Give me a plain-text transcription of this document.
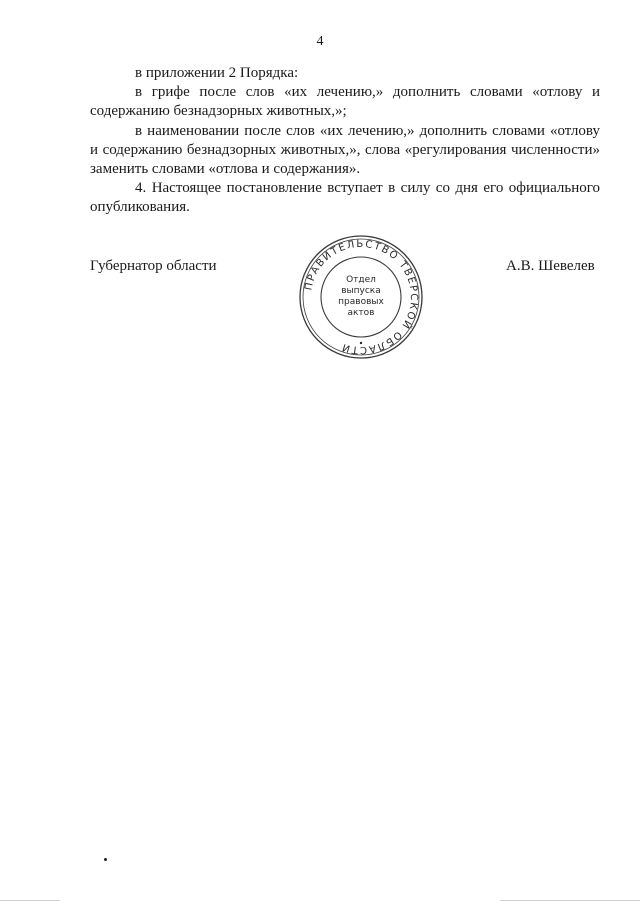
4

в приложении 2 Порядка:

в грифе после слов «их лечению,» дополнить словами «отлову и содержанию безнадзорных животных,»;

в наименовании после слов «их лечению,» дополнить словами «отлову и содержанию безнадзорных животных,», слова «регулирования численности» заменить словами «отлова и содержания».

4. Настоящее постановление вступает в силу со дня его официального опубликования.

Губернатор области
ПРАВИТЕЛЬСТВО ТВЕРСКОЙ ОБЛАСТИ
Отдел
выпуска
правовых
актов
А.В. Шевелев
